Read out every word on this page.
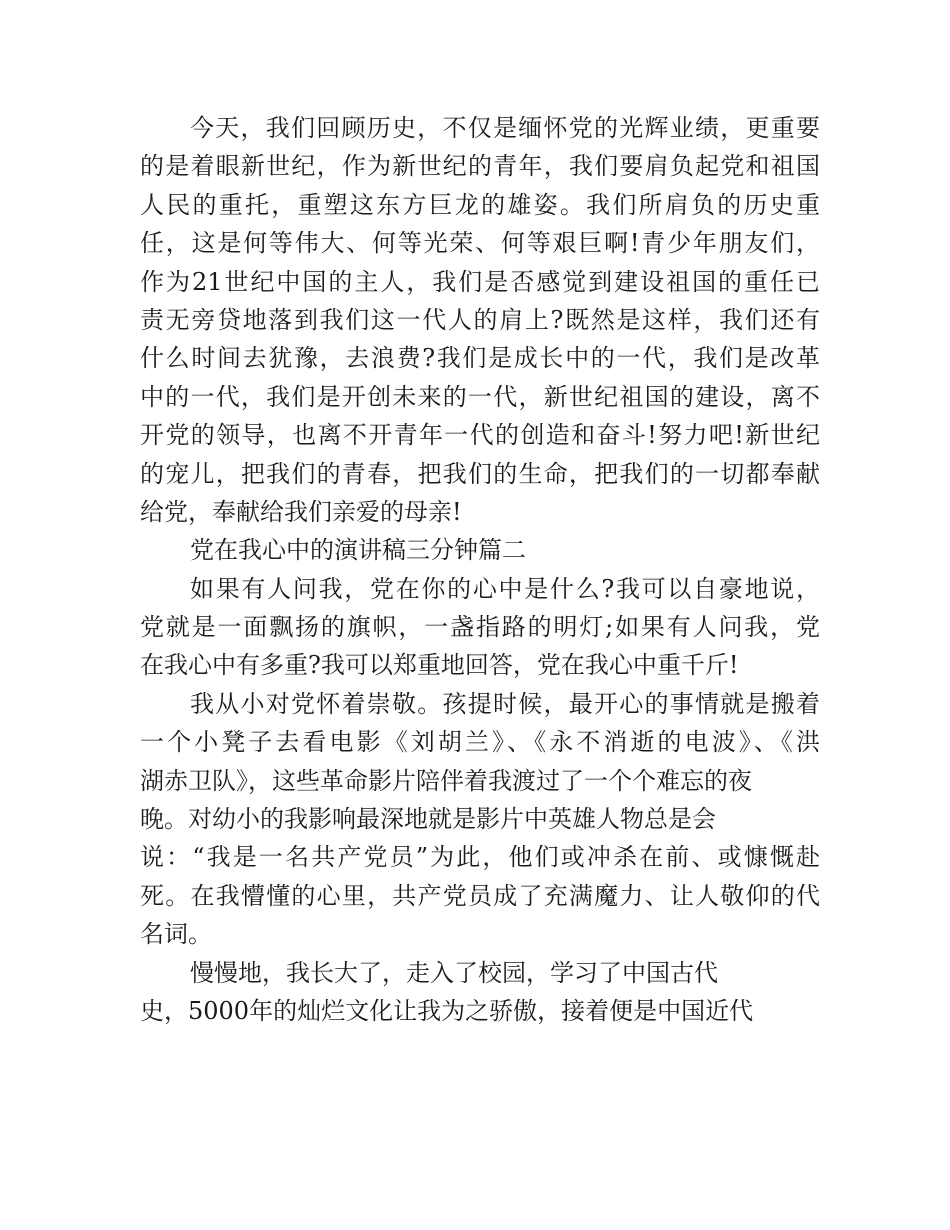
今天，我们回顾历史，不仅是缅怀党的光辉业绩，更重要
的是着眼新世纪，作为新世纪的青年，我们要肩负起党和祖国
人民的重托，重塑这东方巨龙的雄姿。我们所肩负的历史重
任，这是何等伟大、何等光荣、何等艰巨啊!青少年朋友们，
作为21世纪中国的主人，我们是否感觉到建设祖国的重任已
责无旁贷地落到我们这一代人的肩上?既然是这样，我们还有
什么时间去犹豫，去浪费?我们是成长中的一代，我们是改革
中的一代，我们是开创未来的一代，新世纪祖国的建设，离不
开党的领导，也离不开青年一代的创造和奋斗!努力吧!新世纪
的宠儿，把我们的青春，把我们的生命，把我们的一切都奉献
给党，奉献给我们亲爱的母亲!
党在我心中的演讲稿三分钟篇二
如果有人问我，党在你的心中是什么?我可以自豪地说，
党就是一面飘扬的旗帜，一盏指路的明灯;如果有人问我，党
在我心中有多重?我可以郑重地回答，党在我心中重千斤!
我从小对党怀着崇敬。孩提时候，最开心的事情就是搬着
一个小凳子去看电影《刘胡兰》、《永不消逝的电波》、《洪
湖赤卫队》，这些革命影片陪伴着我渡过了一个个难忘的夜
晚。对幼小的我影响最深地就是影片中英雄人物总是会
说：“我是一名共产党员”为此，他们或冲杀在前、或慷慨赴
死。在我懵懂的心里，共产党员成了充满魔力、让人敬仰的代
名词。
慢慢地，我长大了，走入了校园，学习了中国古代
史，5000年的灿烂文化让我为之骄傲，接着便是中国近代
